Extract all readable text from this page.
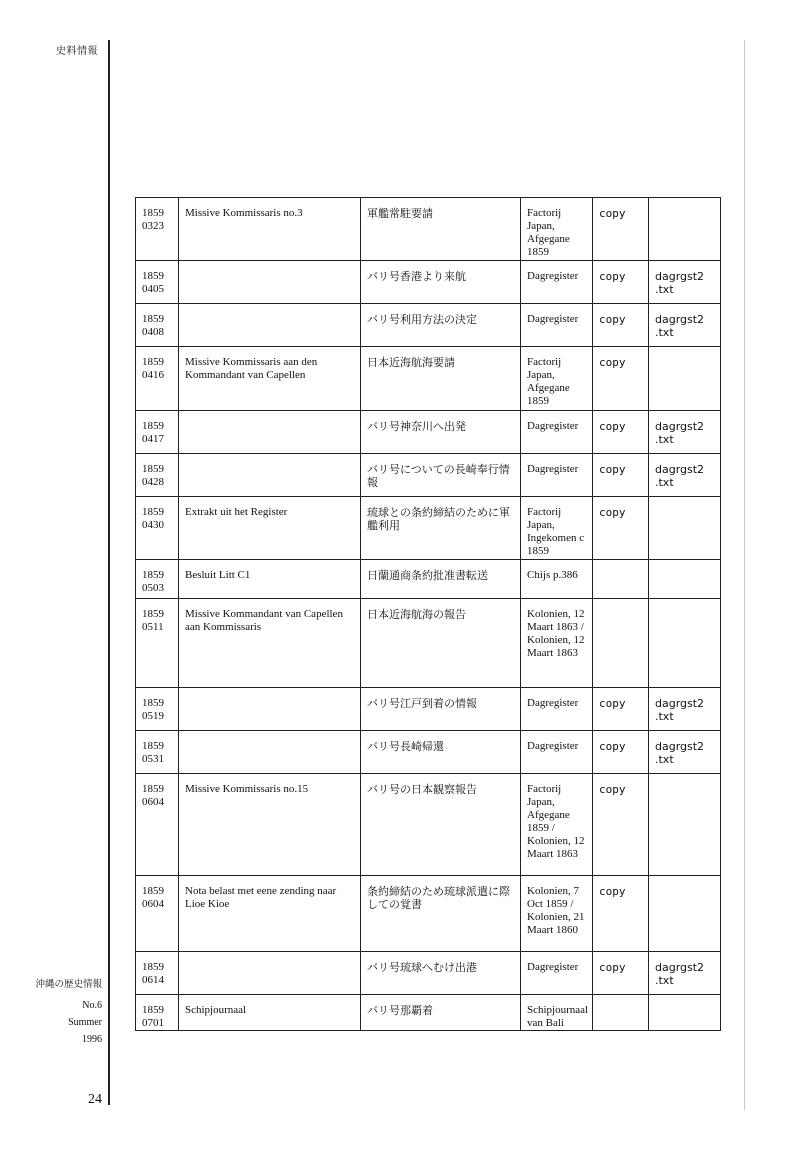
史料情報
1859
0323	Missive Kommissaris no.3	軍艦常駐要請	Factorij Japan, Afgegane 1859	copy	

1859
0405		バリ号香港より来航	Dagregister	copy	dagrgst2 .txt

1859
0408		バリ号利用方法の決定	Dagregister	copy	dagrgst2 .txt

1859
0416	Missive Kommissaris aan den Kommandant van Capellen	日本近海航海要請	Factorij Japan, Afgegane 1859	copy	

1859
0417		バリ号神奈川へ出発	Dagregister	copy	dagrgst2 .txt

1859
0428		バリ号についての長崎奉行情報	Dagregister	copy	dagrgst2 .txt

1859
0430	Extrakt uit het Register	琉球との条約締結のために軍艦利用	Factorij Japan, Ingekomen c 1859	copy	

1859
0503	Besluit Litt C1	日蘭通商条約批准書転送	Chijs p.386		

1859
0511	Missive Kommandant van Capellen aan Kommissaris	日本近海航海の報告	Kolonien, 12 Maart 1863 / Kolonien, 12 Maart 1863		

1859
0519		バリ号江戸到着の情報	Dagregister	copy	dagrgst2 .txt

1859
0531		バリ号長崎帰還	Dagregister	copy	dagrgst2 .txt

1859
0604	Missive Kommissaris no.15	バリ号の日本観察報告	Factorij Japan, Afgegane 1859 / Kolonien, 12 Maart 1863	copy	

1859
0604	Nota belast met eene zending naar Lioe Kioe	条約締結のため琉球派遣に際しての覚書	Kolonien, 7 Oct 1859 / Kolonien, 21 Maart 1860	copy	

1859
0614		バリ号琉球へむけ出港	Dagregister	copy	dagrgst2 .txt

1859
0701	Schipjournaal	バリ号那覇着	Schipjournaal van Bali		

沖縄の歴史情報
No.6
Summer
1996
24
